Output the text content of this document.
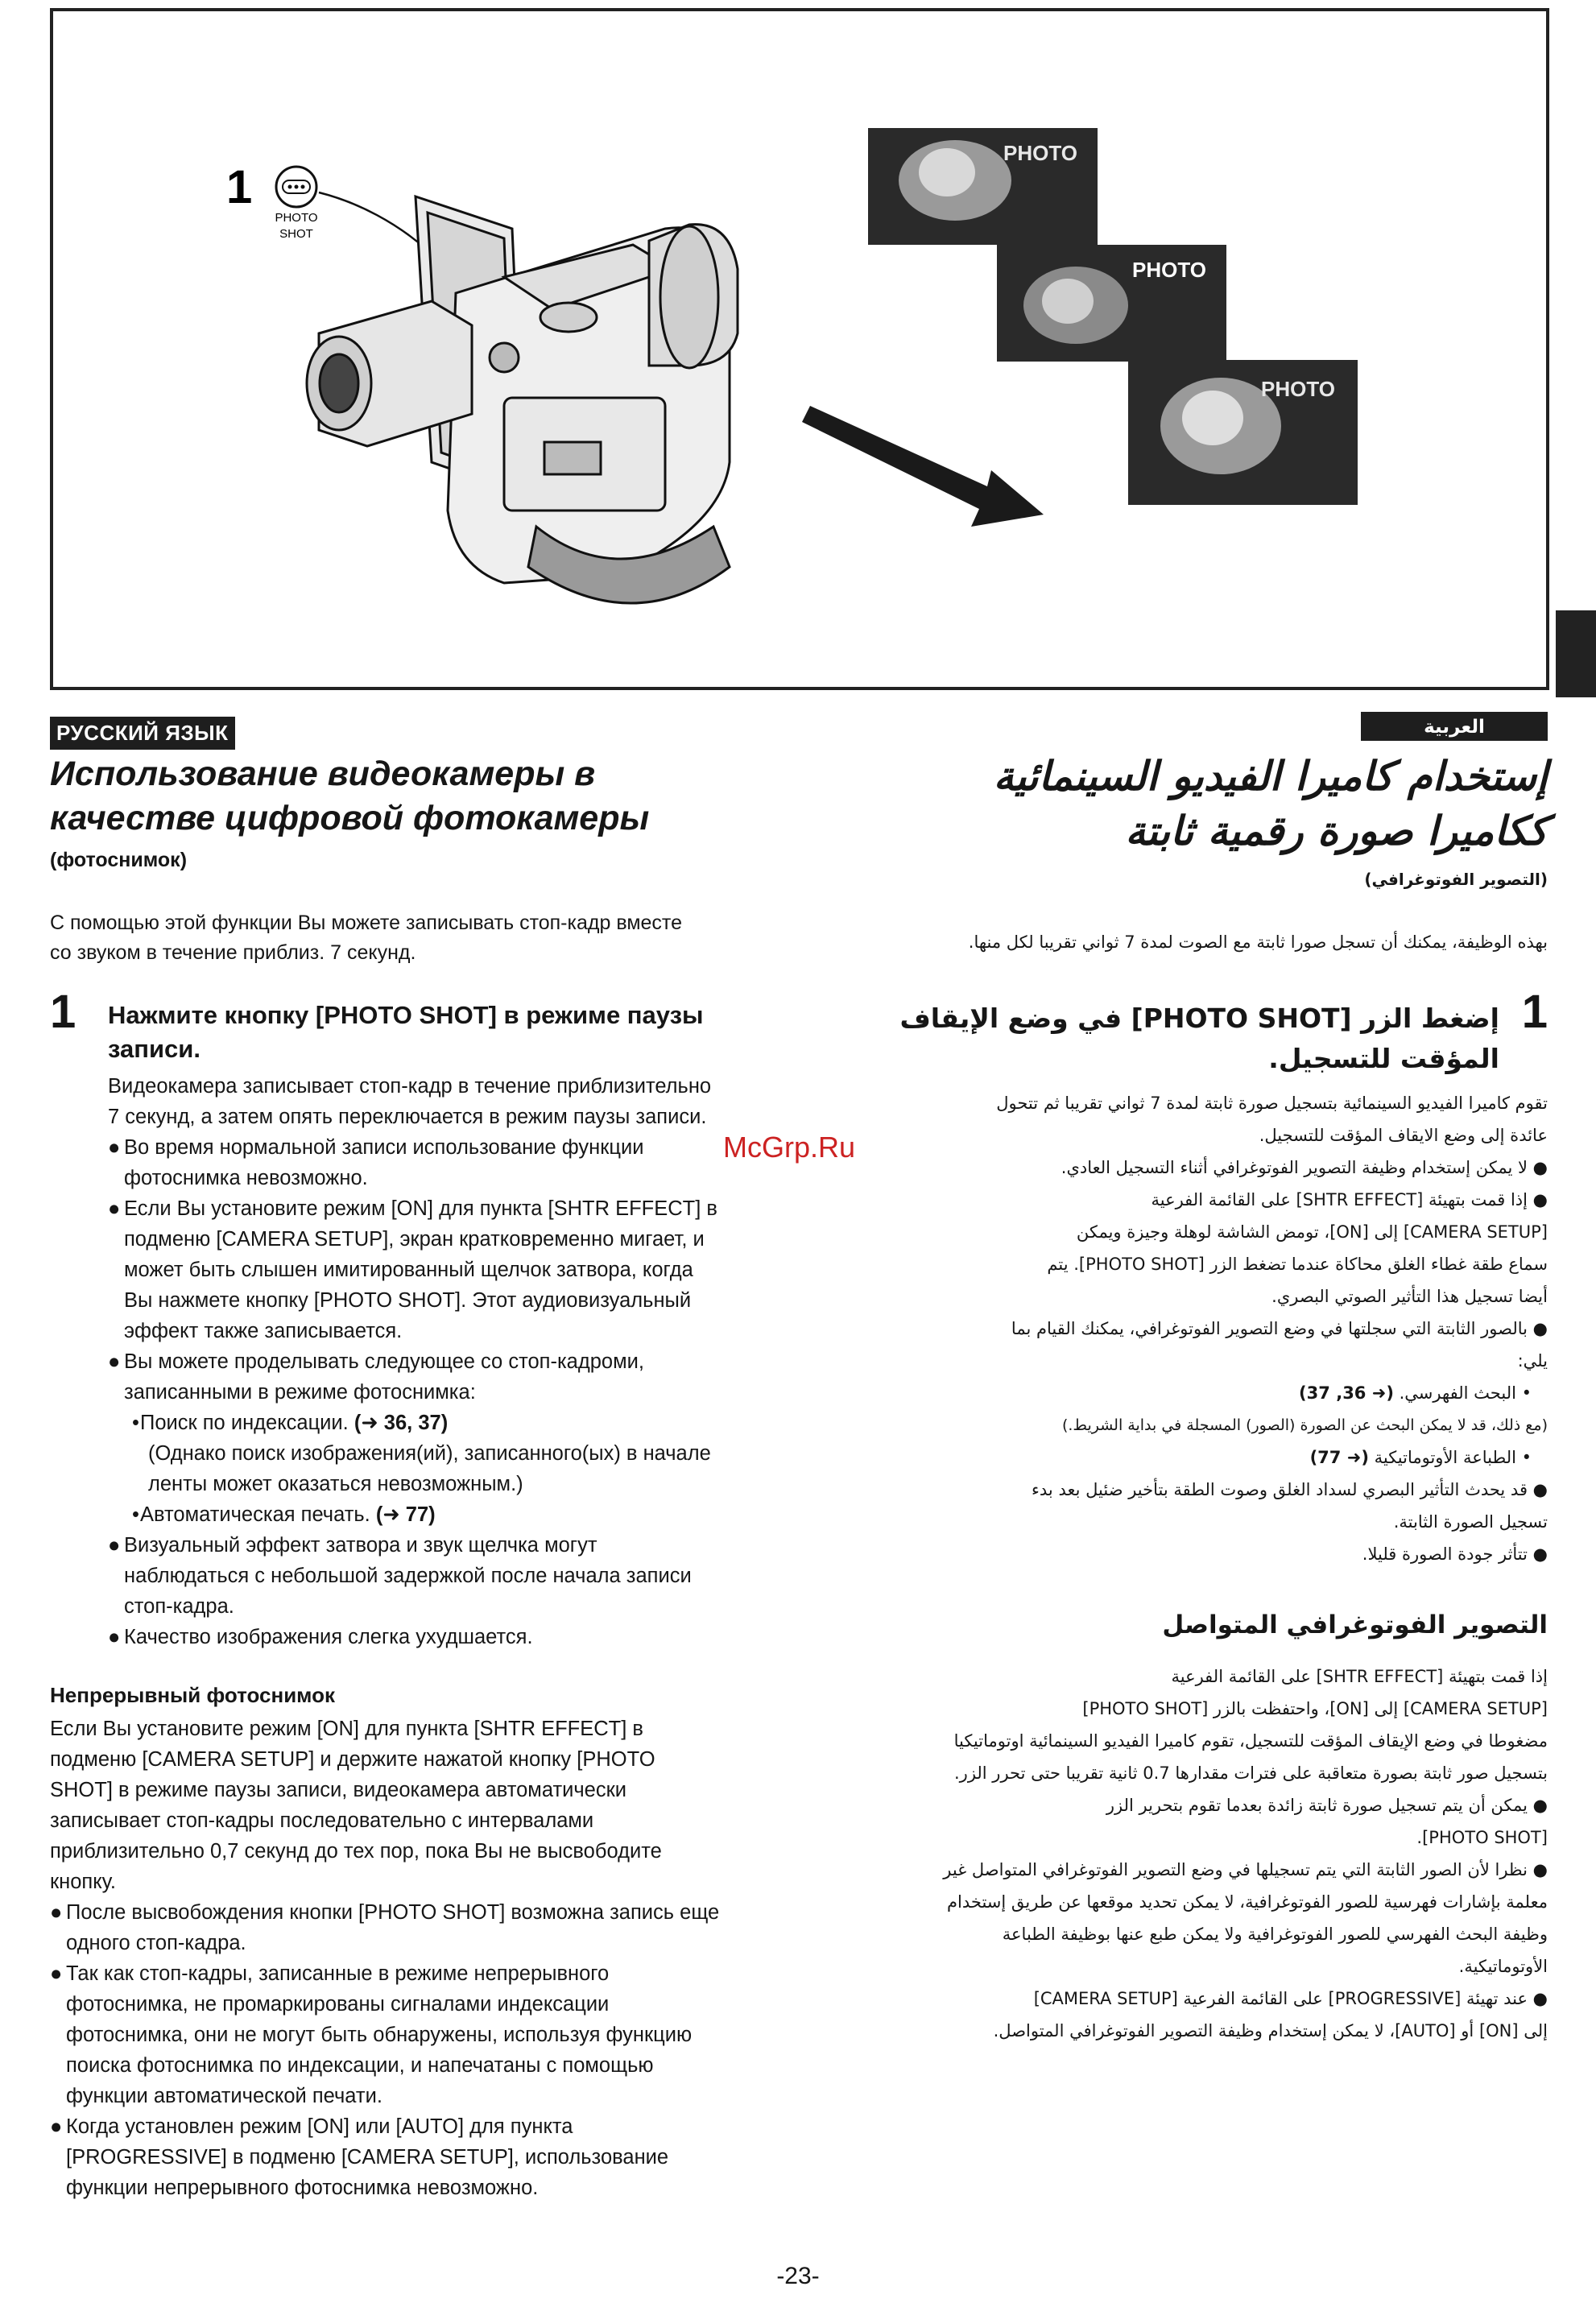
1
PHOTO
SHOT
PHOTO
PHOTO
PHOTO
McGrp.Ru
РУССКИЙ ЯЗЫК
Использование видеокамеры в
качестве цифровой фотокамеры
(фотоснимок)
С помощью этой функции Вы можете записывать стоп-кадр вместе
со звуком в течение приблиз. 7 секунд.
1 Нажмите кнопку [PHOTO SHOT] в режиме паузы
записи.

Видеокамера записывает стоп-кадр в течение приблизительно
7 секунд, а затем опять переключается в режим паузы записи.

● Во время нормальной записи использование функции
фотоснимка невозможно.
● Если Вы установите режим [ON] для пункта [SHTR EFFECT] в
подменю [CAMERA SETUP], экран кратковременно мигает, и
может быть слышен имитированный щелчок затвора, когда
Вы нажмете кнопку [PHOTO SHOT]. Этот аудиовизуальный
эффект также записывается.
● Вы можете проделывать следующее со стоп-кадроми,
записанными в режиме фотоснимка:
• Поиск по индексации. (➜ 36, 37)
(Однако поиск изображения(ий), записанного(ых) в начале
ленты может оказаться невозможным.)
• Автоматическая печать. (➜ 77)
● Визуальный эффект затвора и звук щелчка могут
наблюдаться с небольшой задержкой после начала записи
стоп-кадра.
● Качество изображения слегка ухудшается.
Непрерывный фотоснимок

Если Вы установите режим [ON] для пункта [SHTR EFFECT] в
подменю [CAMERA SETUP] и держите нажатой кнопку [PHOTO
SHOT] в режиме паузы записи, видеокамера автоматически
записывает стоп-кадры последовательно с интервалами
приблизительно 0,7 секунд до тех пор, пока Вы не высвободите
кнопку.

● После высвобождения кнопки [PHOTO SHOT] возможна запись еще
одного стоп-кадра.
● Так как стоп-кадры, записанные в режиме непрерывного
фотоснимка, не промаркированы сигналами индексации
фотоснимка, они не могут быть обнаружены, используя функцию
поиска фотоснимка по индексации, и напечатаны с помощью
функции автоматической печати.
● Когда установлен режим [ON] или [AUTO] для пункта
[PROGRESSIVE] в подменю [CAMERA SETUP], использование
функции непрерывного фотоснимка невозможно.
العربية
إستخدام كاميرا الفيديو السينمائية
ككاميرا صورة رقمية ثابتة
(التصوير الفوتوغرافي)
بهذه الوظيفة، يمكنك أن تسجل صورا ثابتة مع الصوت لمدة 7 ثواني تقريبا لكل منها.
1
إضغط الزر [PHOTO SHOT] في وضع الإيقاف
المؤقت للتسجيل.

تقوم كاميرا الفيديو السينمائية بتسجيل صورة ثابتة لمدة 7 ثواني تقريبا ثم تتحول
عائدة إلى وضع الايقاف المؤقت للتسجيل.

● لا يمكن إستخدام وظيفة التصوير الفوتوغرافي أثناء التسجيل العادي.

● إذا قمت بتهيئة [SHTR EFFECT] على القائمة الفرعية
[CAMERA SETUP] إلى [ON]، تومض الشاشة لوهلة وجيزة ويمكن
سماع طقة غطاء الغلق محاكاة عندما تضغط الزر [PHOTO SHOT]. يتم
أيضا تسجيل هذا التأثير الصوتي البصري.

● بالصور الثابتة التي سجلتها في وضع التصوير الفوتوغرافي، يمكنك القيام بما
يلي:

• البحث الفهرسي. (➜ 36, 37)

(مع ذلك، قد لا يمكن البحث عن الصورة (الصور) المسجلة في بداية الشريط.)

• الطباعة الأوتوماتيكية (➜ 77)

● قد يحدث التأثير البصري لسداد الغلق وصوت الطقة بتأخير ضئيل بعد بدء
تسجيل الصورة الثابتة.

● تتأثر جودة الصورة قليلا.

التصوير الفوتوغرافي المتواصل

إذا قمت بتهيئة [SHTR EFFECT] على القائمة الفرعية
[CAMERA SETUP] إلى [ON]، واحتفظت بالزر [PHOTO SHOT]
مضغوطا في وضع الإيقاف المؤقت للتسجيل، تقوم كاميرا الفيديو السينمائية اوتوماتيكيا
بتسجيل صور ثابتة بصورة متعاقبة على فترات مقدارها 0.7 ثانية تقريبا حتى تحرر الزر.

● يمكن أن يتم تسجيل صورة ثابتة زائدة بعدما تقوم بتحرير الزر
[PHOTO SHOT].

● نظرا لأن الصور الثابتة التي يتم تسجيلها في وضع التصوير الفوتوغرافي المتواصل غير
معلمة بإشارات فهرسية للصور الفوتوغرافية، لا يمكن تحديد موقعها عن طريق إستخدام
وظيفة البحث الفهرسي للصور الفوتوغرافية ولا يمكن طبع عنها بوظيفة الطباعة
الأوتوماتيكية.

● عند تهيئة [PROGRESSIVE] على القائمة الفرعية [CAMERA SETUP]
إلى [ON] أو [AUTO]، لا يمكن إستخدام وظيفة التصوير الفوتوغرافي المتواصل.

-23-
